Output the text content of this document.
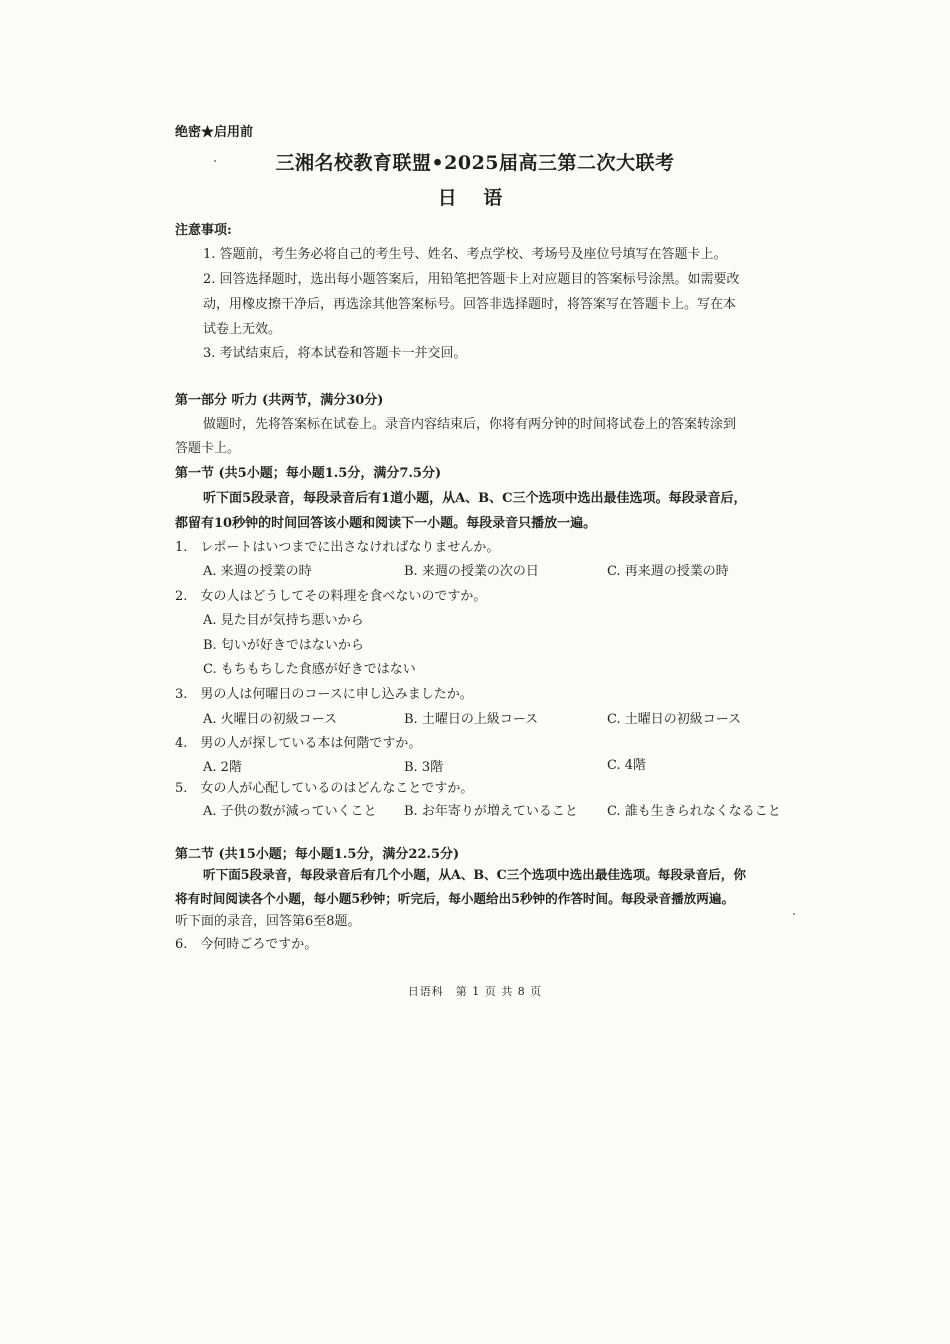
绝密★启用前
三湘名校教育联盟•2025届高三第二次大联考
日 语
注意事项:
1. 答题前，考生务必将自己的考生号、姓名、考点学校、考场号及座位号填写在答题卡上。
2. 回答选择题时，选出每小题答案后，用铅笔把答题卡上对应题目的答案标号涂黑。如需要改
动，用橡皮擦干净后，再选涂其他答案标号。回答非选择题时，将答案写在答题卡上。写在本
试卷上无效。
3. 考试结束后，将本试卷和答题卡一并交回。
第一部分 听力 (共两节，满分30分)
做题时，先将答案标在试卷上。录音内容结束后，你将有两分钟的时间将试卷上的答案转涂到
答题卡上。
第一节 (共5小题；每小题1.5分，满分7.5分)
听下面5段录音，每段录音后有1道小题，从A、B、C三个选项中选出最佳选项。每段录音后，
都留有10秒钟的时间回答该小题和阅读下一小题。每段录音只播放一遍。
1.　レポートはいつまでに出さなければなりませんか。
A. 来週の授業の時	B. 来週の授業の次の日	C. 再来週の授業の時
2.　女の人はどうしてその料理を食べないのですか。
A. 見た目が気持ち悪いから
B. 匂いが好きではないから
C. もちもちした食感が好きではない
3.　男の人は何曜日のコースに申し込みましたか。
A. 火曜日の初級コース	B. 土曜日の上級コース	C. 土曜日の初級コース
4.　男の人が探している本は何階ですか。
A. 2階	B. 3階	C. 4階
5.　女の人が心配しているのはどんなことですか。
A. 子供の数が減っていくこと B. お年寄りが増えていること C. 誰も生きられなくなること
第二节 (共15小题；每小题1.5分，满分22.5分)
听下面5段录音，每段录音后有几个小题，从A、B、C三个选项中选出最佳选项。每段录音后，你
将有时间阅读各个小题，每小题5秒钟；听完后，每小题给出5秒钟的作答时间。每段录音播放两遍。
听下面的录音，回答第6至8题。
6.　今何時ごろですか。
日语科　第 1 页 共 8 页
